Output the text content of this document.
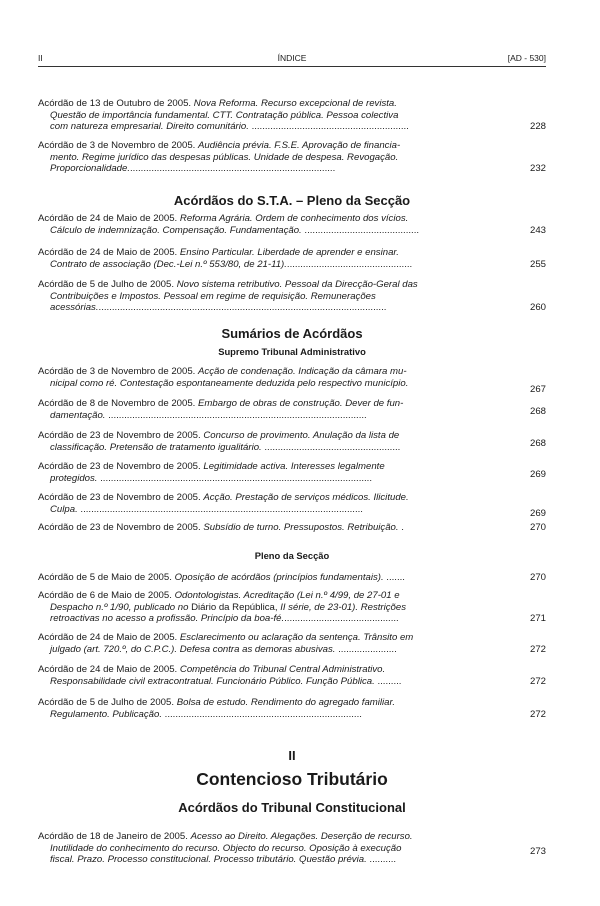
II	ÍNDICE	[AD - 530]
Acórdão de 13 de Outubro de 2005. Nova Reforma. Recurso excepcional de revista.
Questão de importância fundamental. CTT. Contratação pública. Pessoa colectiva
com natureza empresarial. Direito comunitário. ...........................................................	228
Acórdão de 3 de Novembro de 2005. Audiência prévia. F.S.E. Aprovação de financia-
mento. Regime jurídico das despesas públicas. Unidade de despesa. Revogação.
Proporcionalidade..............................................................................	232
Acórdãos do S.T.A. – Pleno da Secção
Acórdão de 24 de Maio de 2005. Reforma Agrária. Ordem de conhecimento dos vícios.
Cálculo de indemnização. Compensação. Fundamentação. ...........................................	243
Acórdão de 24 de Maio de 2005. Ensino Particular. Liberdade de aprender e ensinar.
Contrato de associação (Dec.-Lei n.º 553/80, de 21-11)................................................	255
Acórdão de 5 de Julho de 2005. Novo sistema retributivo. Pessoal da Direcção-Geral das
Contribuições e Impostos. Pessoal em regime de requisição. Remunerações
acessórias.............................................................................................................	260
Sumários de Acórdãos
Supremo Tribunal Administrativo
Acórdão de 3 de Novembro de 2005. Acção de condenação. Indicação da câmara mu-
nicipal como ré. Contestação espontaneamente deduzida pelo respectivo município.
267
Acórdão de 8 de Novembro de 2005. Embargo de obras de construção. Dever de fun-
damentação. .................................................................................................	268
Acórdão de 23 de Novembro de 2005. Concurso de provimento. Anulação da lista de
classificação. Pretensão de tratamento igualitário. ...................................................	268
Acórdão de 23 de Novembro de 2005. Legitimidade activa. Interesses legalmente
protegidos. ......................................................................................................	269
Acórdão de 23 de Novembro de 2005. Acção. Prestação de serviços médicos. Ilicitude.
Culpa. ..........................................................................................................	269
Acórdão de 23 de Novembro de 2005. Subsídio de turno. Pressupostos. Retribuição. .	270
Pleno da Secção
Acórdão de 5 de Maio de 2005. Oposição de acórdãos (princípios fundamentais). .......	270
Acórdão de 6 de Maio de 2005. Odontologistas. Acreditação (Lei n.º 4/99, de 27-01 e
Despacho n.º 1/90, publicado no Diário da República, II série, de 23-01). Restrições
retroactivas no acesso a profissão. Princípio da boa-fé............................................	271
Acórdão de 24 de Maio de 2005. Esclarecimento ou aclaração da sentença. Trânsito em
julgado (art. 720.º, do C.P.C.). Defesa contra as demoras abusivas. ......................	272
Acórdão de 24 de Maio de 2005. Competência do Tribunal Central Administrativo.
Responsabilidade civil extracontratual. Funcionário Público. Função Pública. .........	272
Acórdão de 5 de Julho de 2005. Bolsa de estudo. Rendimento do agregado familiar.
Regulamento. Publicação. ..........................................................................	272
II
Contencioso Tributário
Acórdãos do Tribunal Constitucional
Acórdão de 18 de Janeiro de 2005. Acesso ao Direito. Alegações. Deserção de recurso.
Inutilidade do conhecimento do recurso. Objecto do recurso. Oposição à execução
fiscal. Prazo. Processo constitucional. Processo tributário. Questão prévia. ..........
273
